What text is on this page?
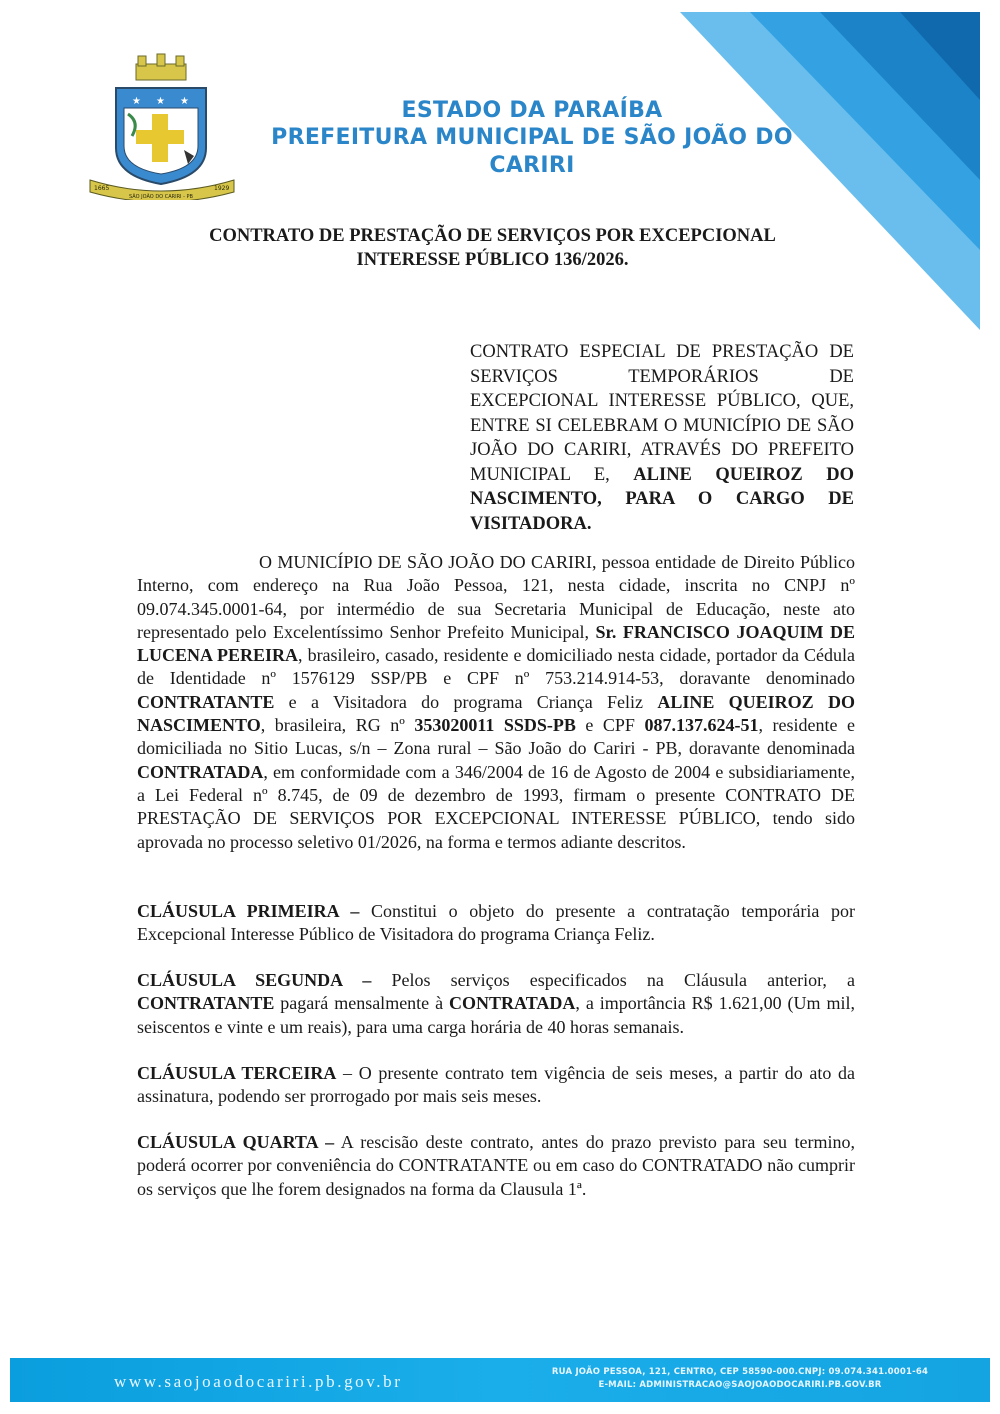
★ ★ ★
1665	1929
SÃO JOÃO DO CARIRI - PB
ESTADO DA PARAÍBA
PREFEITURA MUNICIPAL DE SÃO JOÃO DO CARIRI
CONTRATO DE PRESTAÇÃO DE SERVIÇOS POR EXCEPCIONAL
INTERESSE PÚBLICO 136/2026.
CONTRATO ESPECIAL DE PRESTAÇÃO DE SERVIÇOS TEMPORÁRIOS DE EXCEPCIONAL INTERESSE PÚBLICO, QUE, ENTRE SI CELEBRAM O MUNICÍPIO DE SÃO JOÃO DO CARIRI, ATRAVÉS DO PREFEITO MUNICIPAL E, ALINE QUEIROZ DO NASCIMENTO, PARA O CARGO DE VISITADORA.
O MUNICÍPIO DE SÃO JOÃO DO CARIRI, pessoa entidade de Direito Público Interno, com endereço na Rua João Pessoa, 121, nesta cidade, inscrita no CNPJ nº 09.074.345.0001-64, por intermédio de sua Secretaria Municipal de Educação, neste ato representado pelo Excelentíssimo Senhor Prefeito Municipal, Sr. FRANCISCO JOAQUIM DE LUCENA PEREIRA, brasileiro, casado, residente e domiciliado nesta cidade, portador da Cédula de Identidade nº 1576129 SSP/PB e CPF nº 753.214.914-53, doravante denominado CONTRATANTE e a Visitadora do programa Criança Feliz ALINE QUEIROZ DO NASCIMENTO, brasileira, RG nº 353020011 SSDS-PB e CPF 087.137.624-51, residente e domiciliada no Sitio Lucas, s/n – Zona rural – São João do Cariri - PB, doravante denominada CONTRATADA, em conformidade com a 346/2004 de 16 de Agosto de 2004 e subsidiariamente, a Lei Federal nº 8.745, de 09 de dezembro de 1993, firmam o presente CONTRATO DE PRESTAÇÃO DE SERVIÇOS POR EXCEPCIONAL INTERESSE PÚBLICO, tendo sido aprovada no processo seletivo 01/2026, na forma e termos adiante descritos.
CLÁUSULA PRIMEIRA – Constitui o objeto do presente a contratação temporária por Excepcional Interesse Público de Visitadora do programa Criança Feliz.
CLÁUSULA SEGUNDA – Pelos serviços especificados na Cláusula anterior, a CONTRATANTE pagará mensalmente à CONTRATADA, a importância R$ 1.621,00 (Um mil, seiscentos e vinte e um reais), para uma carga horária de 40 horas semanais.
CLÁUSULA TERCEIRA – O presente contrato tem vigência de seis meses, a partir do ato da assinatura, podendo ser prorrogado por mais seis meses.
CLÁUSULA QUARTA – A rescisão deste contrato, antes do prazo previsto para seu termino, poderá ocorrer por conveniência do CONTRATANTE ou em caso do CONTRATADO não cumprir os serviços que lhe forem designados na forma da Clausula 1ª.
www.saojoaodocariri.pb.gov.br	RUA JOÃO PESSOA, 121, CENTRO, CEP 58590-000.CNPJ: 09.074.341.0001-64
E-MAIL: ADMINISTRACAO@SAOJOAODOCARIRI.PB.GOV.BR
